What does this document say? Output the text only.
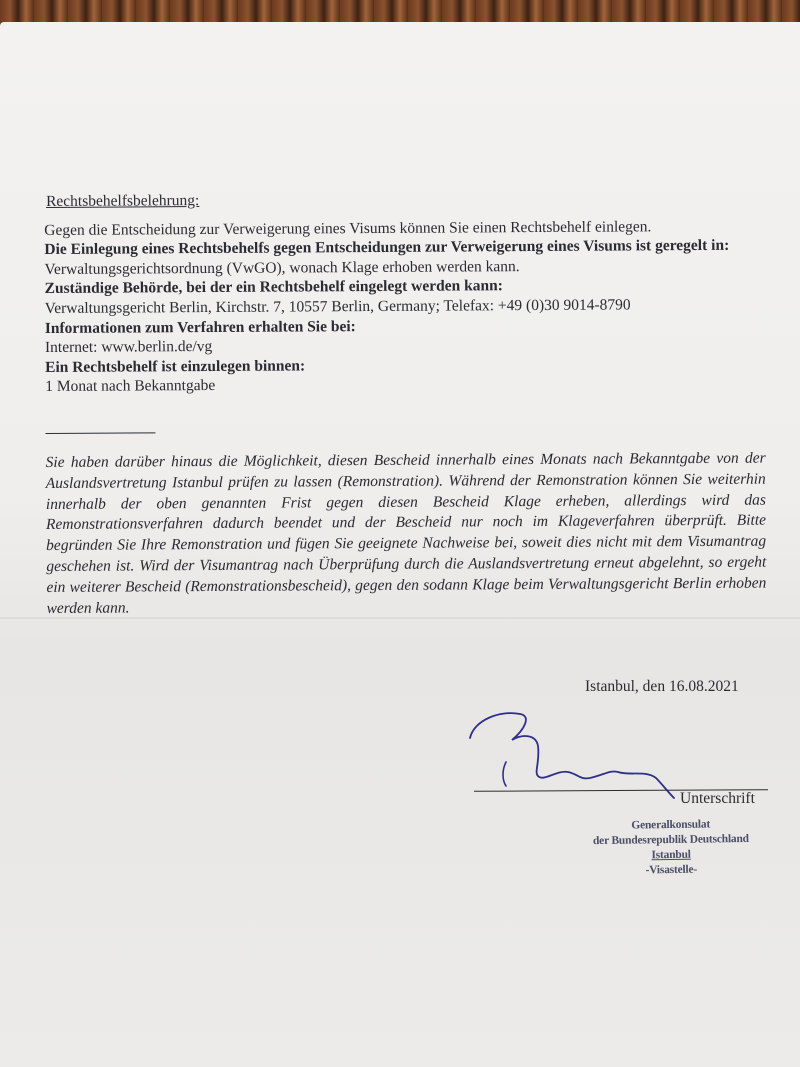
Rechtsbehelfsbelehrung:

Gegen die Entscheidung zur Verweigerung eines Visums können Sie einen Rechtsbehelf einlegen.

Die Einlegung eines Rechtsbehelfs gegen Entscheidungen zur Verweigerung eines Visums ist geregelt in:

Verwaltungsgerichtsordnung (VwGO), wonach Klage erhoben werden kann.

Zuständige Behörde, bei der ein Rechtsbehelf eingelegt werden kann:

Verwaltungsgericht Berlin, Kirchstr. 7, 10557 Berlin, Germany; Telefax: +49 (0)30 9014-8790

Informationen zum Verfahren erhalten Sie bei:

Internet: www.berlin.de/vg

Ein Rechtsbehelf ist einzulegen binnen:

1 Monat nach Bekanntgabe

Sie haben darüber hinaus die Möglichkeit, diesen Bescheid innerhalb eines Monats nach Bekanntgabe von der Auslandsvertretung Istanbul prüfen zu lassen (Remonstration). Während der Remonstration können Sie weiterhin innerhalb der oben genannten Frist gegen diesen Bescheid Klage erheben, allerdings wird das Remonstrationsverfahren dadurch beendet und der Bescheid nur noch im Klageverfahren überprüft. Bitte begründen Sie Ihre Remonstration und fügen Sie geeignete Nachweise bei, soweit dies nicht mit dem Visumantrag geschehen ist. Wird der Visumantrag nach Überprüfung durch die Auslandsvertretung erneut abgelehnt, so ergeht ein weiterer Bescheid (Remonstrationsbescheid), gegen den sodann Klage beim Verwaltungsgericht Berlin erhoben werden kann.

Istanbul, den 16.08.2021
Unterschrift
Generalkonsulat
der Bundesrepublik Deutschland
Istanbul
-Visastelle-
